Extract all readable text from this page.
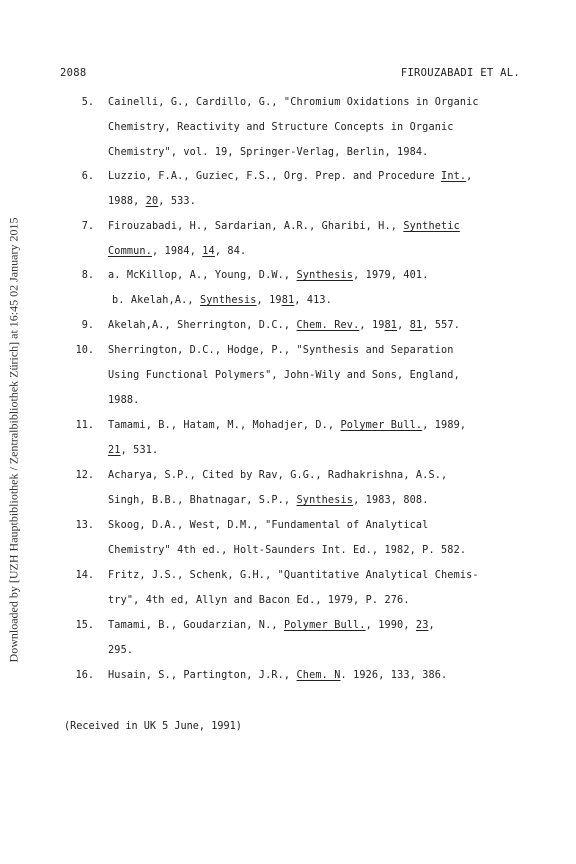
2088	FIROUZABADI ET AL.
Downloaded by [UZH Hauptbibliothek / Zentralbibliothek Zürich] at 16:45 02 January 2015
5. Cainelli, G., Cardillo, G., "Chromium Oxidations in Organic
Chemistry, Reactivity and Structure Concepts in Organic
Chemistry", vol. 19, Springer-Verlag, Berlin, 1984.
6. Luzzio, F.A., Guziec, F.S., Org. Prep. and Procedure Int.,
1988, 20, 533.
7. Firouzabadi, H., Sardarian, A.R., Gharibi, H., Synthetic
Commun., 1984, 14, 84.
8. a. McKillop, A., Young, D.W., Synthesis, 1979, 401.
b. Akelah,A., Synthesis, 1981, 413.
9. Akelah,A., Sherrington, D.C., Chem. Rev., 1981, 81, 557.
10. Sherrington, D.C., Hodge, P., "Synthesis and Separation
Using Functional Polymers", John-Wily and Sons, England,
1988.
11. Tamami, B., Hatam, M., Mohadjer, D., Polymer Bull., 1989,
21, 531.
12. Acharya, S.P., Cited by Rav, G.G., Radhakrishna, A.S.,
Singh, B.B., Bhatnagar, S.P., Synthesis, 1983, 808.
13. Skoog, D.A., West, D.M., "Fundamental of Analytical
Chemistry" 4th ed., Holt-Saunders Int. Ed., 1982, P. 582.
14. Fritz, J.S., Schenk, G.H., "Quantitative Analytical Chemis-
try", 4th ed, Allyn and Bacon Ed., 1979, P. 276.
15. Tamami, B., Goudarzian, N., Polymer Bull., 1990, 23,
295.
16. Husain, S., Partington, J.R., Chem. N. 1926, 133, 386.
(Received in UK 5 June, 1991)
